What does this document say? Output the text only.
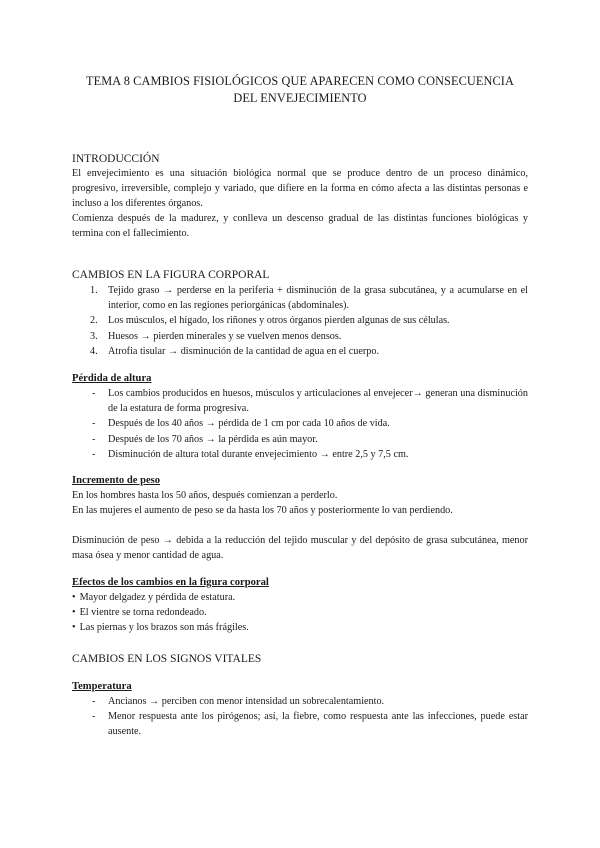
TEMA 8 CAMBIOS FISIOLÓGICOS QUE APARECEN COMO CONSECUENCIA
DEL ENVEJECIMIENTO
INTRODUCCIÓN
El envejecimiento es una situación biológica normal que se produce dentro de un proceso dinámico, progresivo, irreversible, complejo y variado, que difiere en la forma en cómo afecta a las distintas personas e incluso a los diferentes órganos.
Comienza después de la madurez, y conlleva un descenso gradual de las distintas funciones biológicas y termina con el fallecimiento.
CAMBIOS EN LA FIGURA CORPORAL
1. Tejido graso → perderse en la periferia + disminución de la grasa subcutánea, y a acumularse en el interior, como en las regiones periorgánicas (abdominales).
2. Los músculos, el hígado, los riñones y otros órganos pierden algunas de sus células.
3. Huesos → pierden minerales y se vuelven menos densos.
4. Atrofia tisular → disminución de la cantidad de agua en el cuerpo.
Pérdida de altura
- Los cambios producidos en huesos, músculos y articulaciones al envejecer→ generan una disminución de la estatura de forma progresiva.
- Después de los 40 años → pérdida de 1 cm por cada 10 años de vida.
- Después de los 70 años → la pérdida es aún mayor.
- Disminución de altura total durante envejecimiento → entre 2,5 y 7,5 cm.
Incremento de peso
En los hombres hasta los 50 años, después comienzan a perderlo.
En las mujeres el aumento de peso se da hasta los 70 años y posteriormente lo van perdiendo.
Disminución de peso → debida a la reducción del tejido muscular y del depósito de grasa subcutánea, menor masa ósea y menor cantidad de agua.
Efectos de los cambios en la figura corporal
• Mayor delgadez y pérdida de estatura.
• El vientre se torna redondeado.
• Las piernas y los brazos son más frágiles.
CAMBIOS EN LOS SIGNOS VITALES
Temperatura
- Ancianos → perciben con menor intensidad un sobrecalentamiento.
- Menor respuesta ante los pirógenos; así, la fiebre, como respuesta ante las infecciones, puede estar ausente.
